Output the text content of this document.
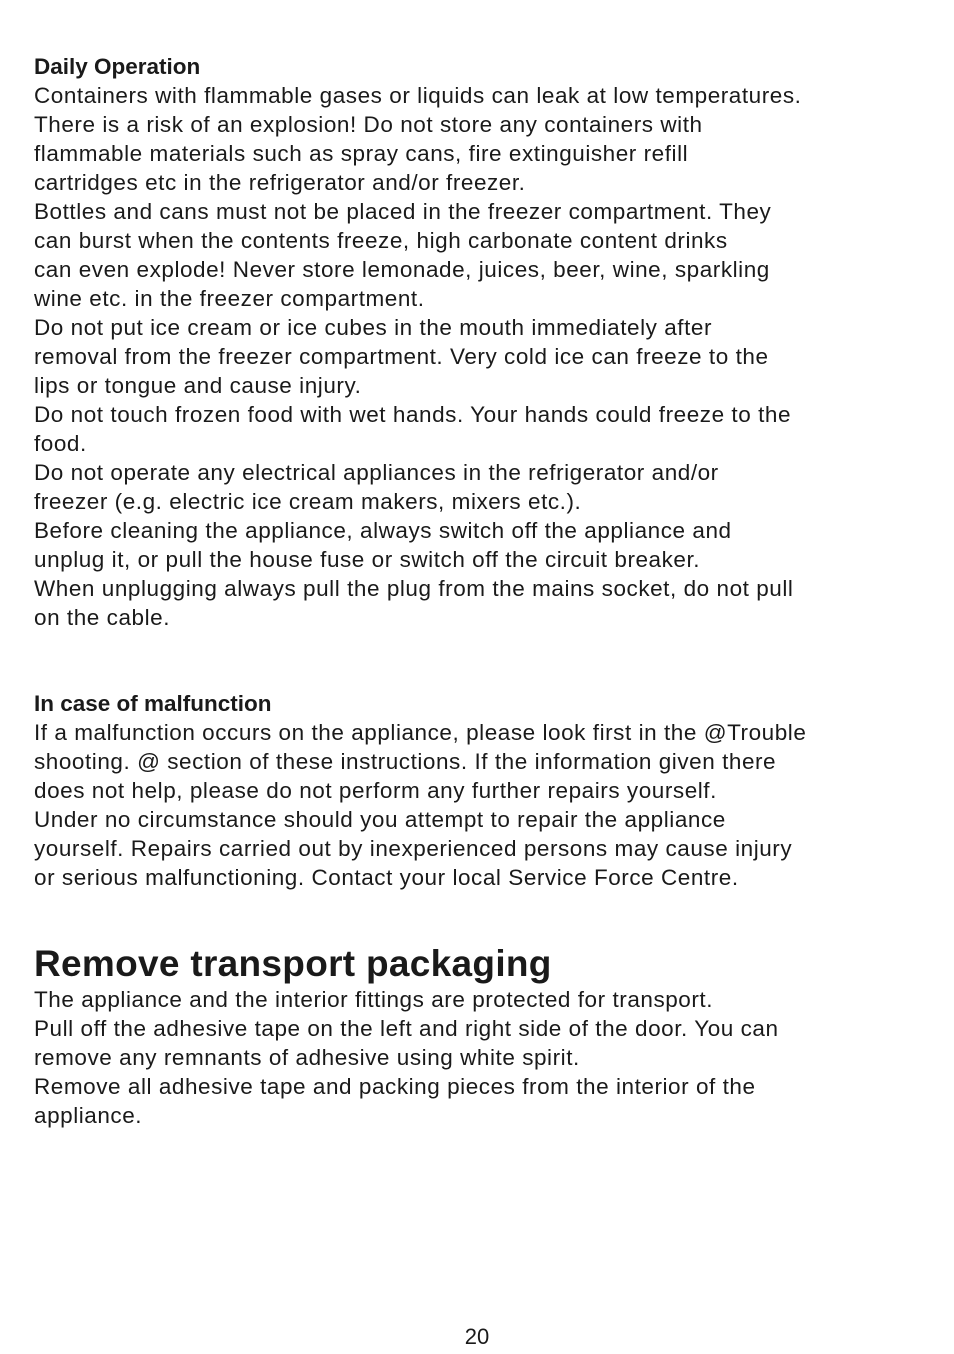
Daily Operation

Containers with flammable gases or liquids can leak at low temperatures.

There is a risk of an explosion! Do not store any containers with

flammable materials such as spray cans, fire extinguisher refill

cartridges etc in the refrigerator and/or freezer.

Bottles and cans must not be placed in the freezer compartment. They

can burst when the contents freeze, high carbonate content drinks

can even explode! Never store lemonade, juices, beer, wine, sparkling

wine etc. in the freezer compartment.

Do not put ice cream or ice cubes in the mouth immediately after

removal from the freezer compartment. Very cold ice can freeze to the

lips or tongue and cause injury.

Do not touch frozen food with wet hands. Your hands could freeze to the

food.

Do not operate any electrical appliances in the refrigerator and/or

freezer (e.g. electric ice cream makers, mixers etc.).

Before cleaning the appliance, always switch off the appliance and

unplug it, or pull the house fuse or switch off the circuit breaker.

When unplugging always pull the plug from the mains socket, do not pull

on the cable.

In case of malfunction

If a malfunction occurs on the appliance, please look first in the @Trouble

shooting. @ section of these instructions. If the information given there

does not help, please do not perform any further repairs yourself.

Under no circumstance should you attempt to repair the appliance

yourself. Repairs carried out by inexperienced persons may cause injury

or serious malfunctioning. Contact your local Service Force Centre.

Remove transport packaging

The appliance and the interior fittings are protected for transport.

Pull off the adhesive tape on the left and right side of the door. You can

remove any remnants of adhesive using white spirit.

Remove all adhesive tape and packing pieces from the interior of the

appliance.

20
